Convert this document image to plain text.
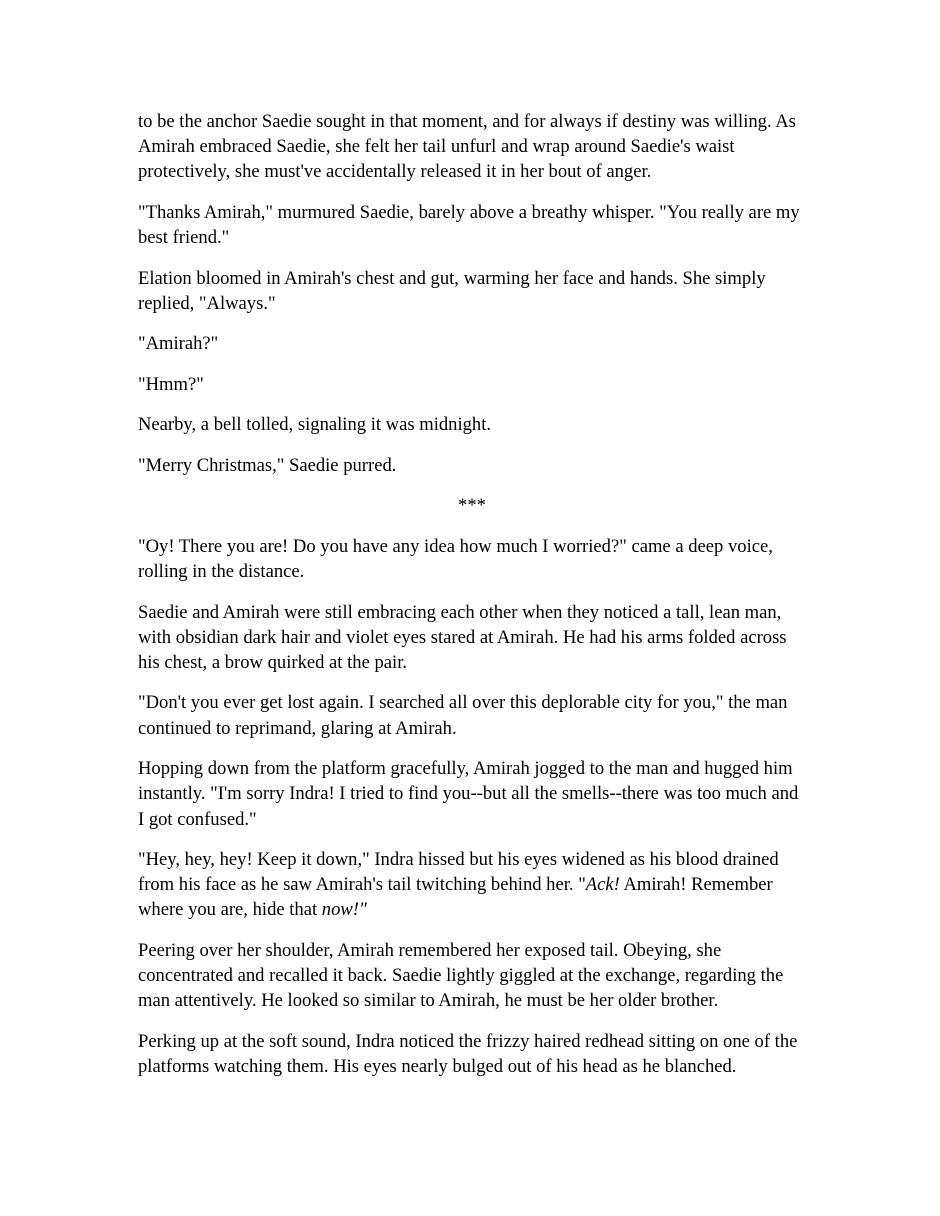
to be the anchor Saedie sought in that moment, and for always if destiny was willing. As Amirah embraced Saedie, she felt her tail unfurl and wrap around Saedie's waist protectively, she must've accidentally released it in her bout of anger.

"Thanks Amirah," murmured Saedie, barely above a breathy whisper. "You really are my best friend."

Elation bloomed in Amirah's chest and gut, warming her face and hands. She simply replied, "Always."

"Amirah?"

"Hmm?"

Nearby, a bell tolled, signaling it was midnight.

"Merry Christmas," Saedie purred.

***

"Oy! There you are! Do you have any idea how much I worried?" came a deep voice, rolling in the distance.

Saedie and Amirah were still embracing each other when they noticed a tall, lean man, with obsidian dark hair and violet eyes stared at Amirah. He had his arms folded across his chest, a brow quirked at the pair.

"Don't you ever get lost again. I searched all over this deplorable city for you," the man continued to reprimand, glaring at Amirah.

Hopping down from the platform gracefully, Amirah jogged to the man and hugged him instantly. "I'm sorry Indra! I tried to find you--but all the smells--there was too much and I got confused."

"Hey, hey, hey! Keep it down," Indra hissed but his eyes widened as his blood drained from his face as he saw Amirah's tail twitching behind her. "Ack! Amirah! Remember where you are, hide that now!"

Peering over her shoulder, Amirah remembered her exposed tail. Obeying, she concentrated and recalled it back. Saedie lightly giggled at the exchange, regarding the man attentively. He looked so similar to Amirah, he must be her older brother.

Perking up at the soft sound, Indra noticed the frizzy haired redhead sitting on one of the platforms watching them. His eyes nearly bulged out of his head as he blanched.
